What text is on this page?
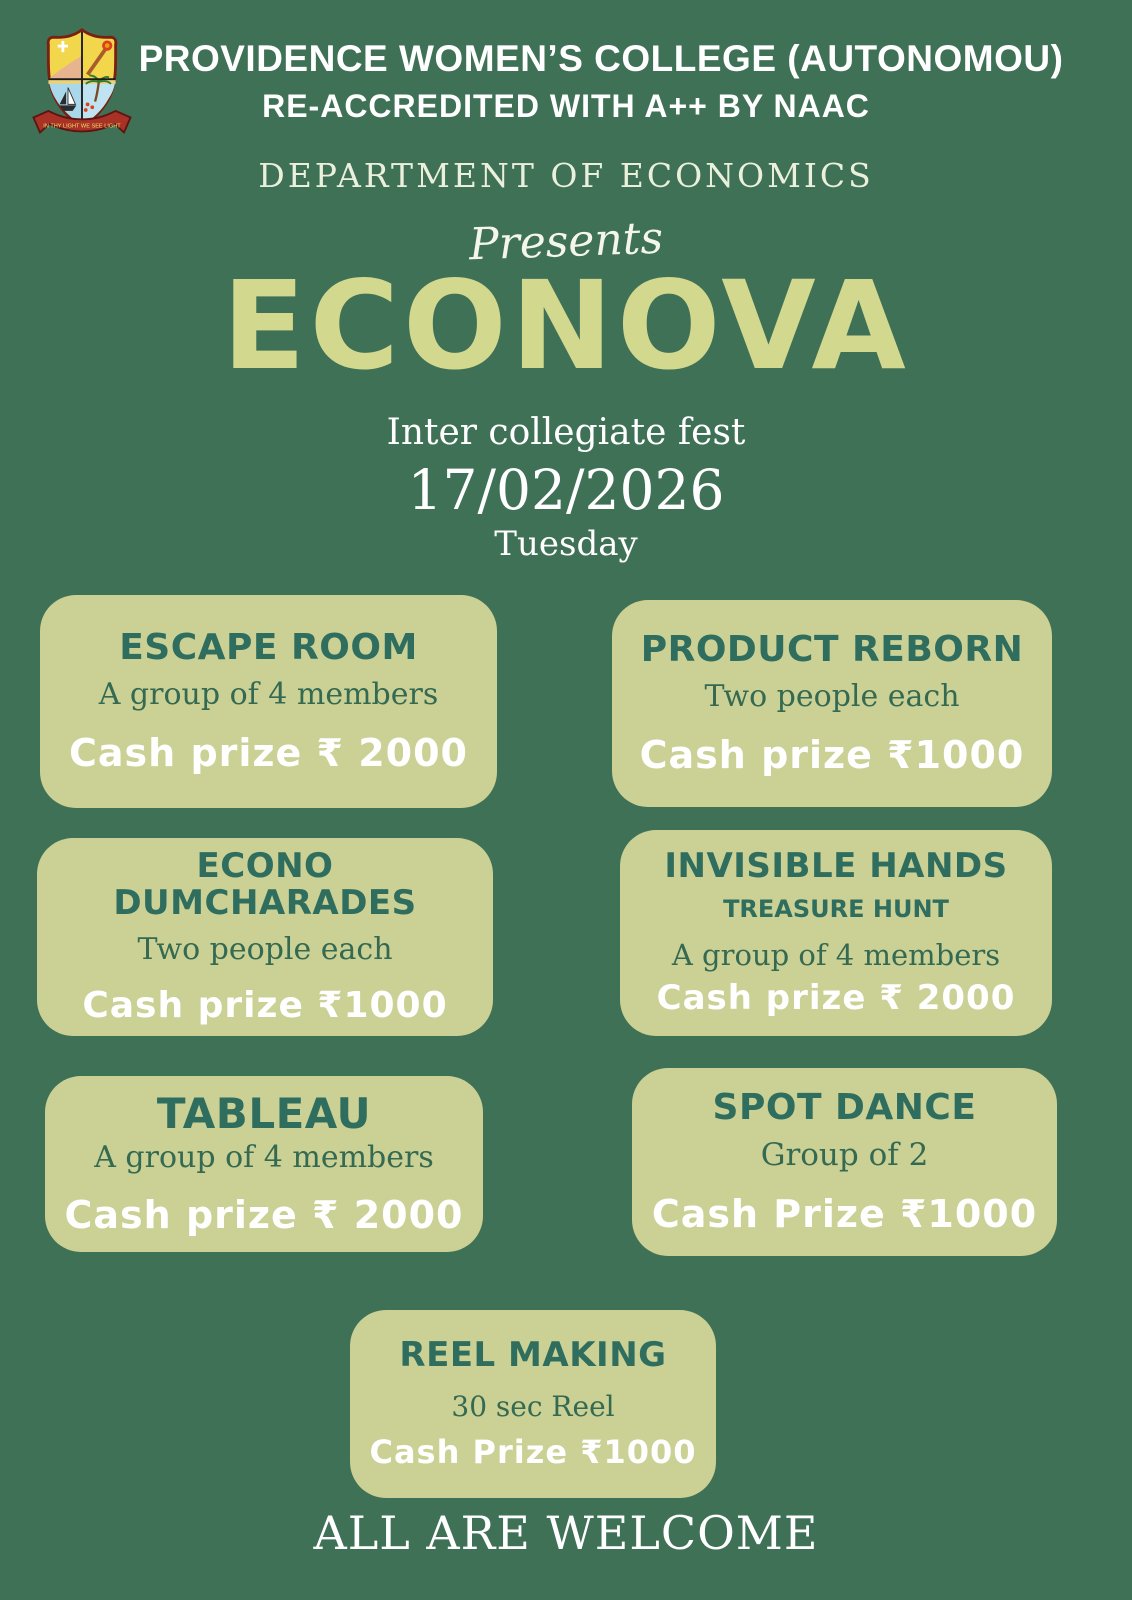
IN THY LIGHT WE SEE LIGHT
PROVIDENCE WOMEN’S COLLEGE (AUTONOMOU)
RE-ACCREDITED WITH A++ BY NAAC
DEPARTMENT OF ECONOMICS
Presents
ECONOVA
Inter collegiate fest
17/02/2026
Tuesday
ESCAPE ROOM
A group of 4 members
Cash prize ₹ 2000
PRODUCT REBORN
Two people each
Cash prize ₹1000
ECONO DUMCHARADES
Two people each
Cash prize ₹1000
INVISIBLE HANDS
TREASURE HUNT
A group of 4 members
Cash prize ₹ 2000
TABLEAU
A group of 4 members
Cash prize ₹ 2000
SPOT DANCE
Group of 2
Cash Prize ₹1000
REEL MAKING
30 sec Reel
Cash Prize ₹1000
ALL ARE WELCOME
